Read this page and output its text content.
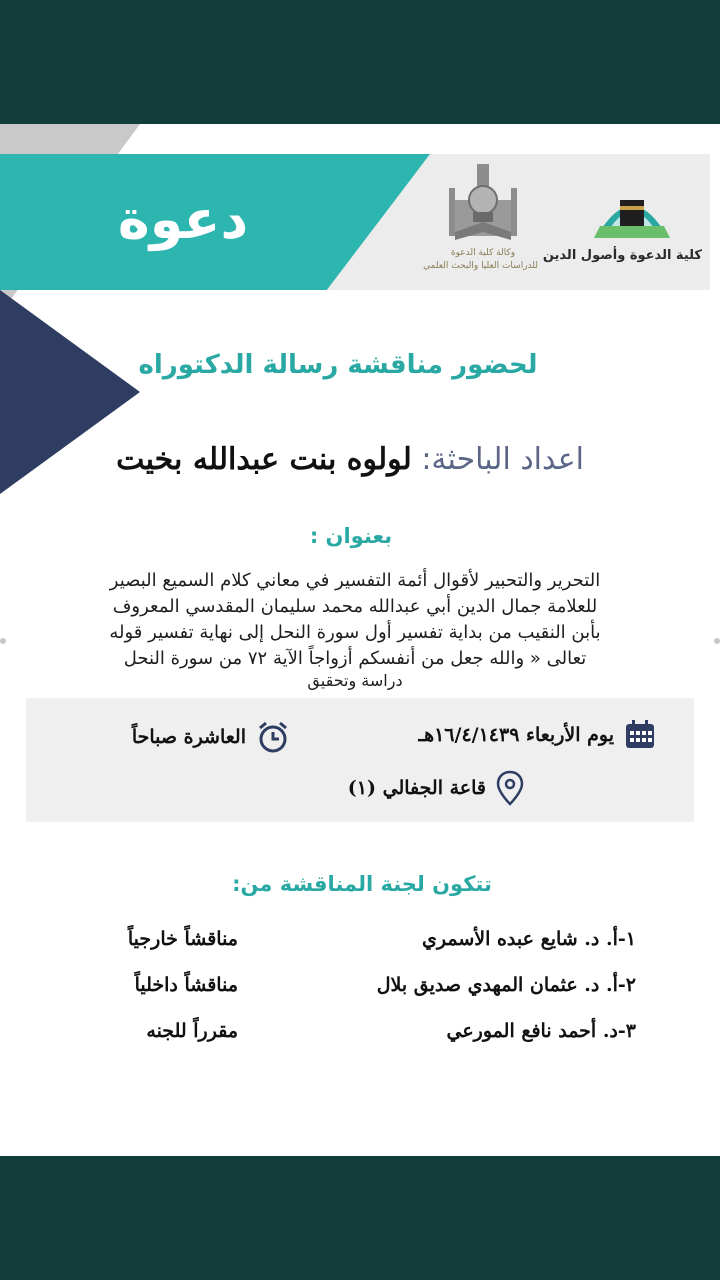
دعوة
وكالة كلية الدعوة
للدراسات العليا والبحث العلمي
كلية الدعوة وأصول الدين
لحضور مناقشة رسالة الدكتوراه
اعداد الباحثة: لولوه بنت عبدالله بخيت
بعنوان :
التحرير والتحبير لأقوال أئمة التفسير في معاني كلام السميع البصير
للعلامة جمال الدين أبي عبدالله محمد سليمان المقدسي المعروف
بأبن النقيب من بداية تفسير أول سورة النحل إلى نهاية تفسير قوله
تعالى « والله جعل من أنفسكم أزواجاً الآية ٧٢ من سورة النحل
دراسة وتحقيق
يوم الأربعاء ١٦/٤/١٤٣٩هـ
العاشرة صباحاً
قاعة الجفالي (١)
تتكون لجنة المناقشة من:
١-أ. د. شايع عبده الأسمري
مناقشاً خارجياً
٢-أ. د. عثمان المهدي صديق بلال
مناقشاً داخلياً
٣-د. أحمد نافع المورعي
مقرراً للجنه
